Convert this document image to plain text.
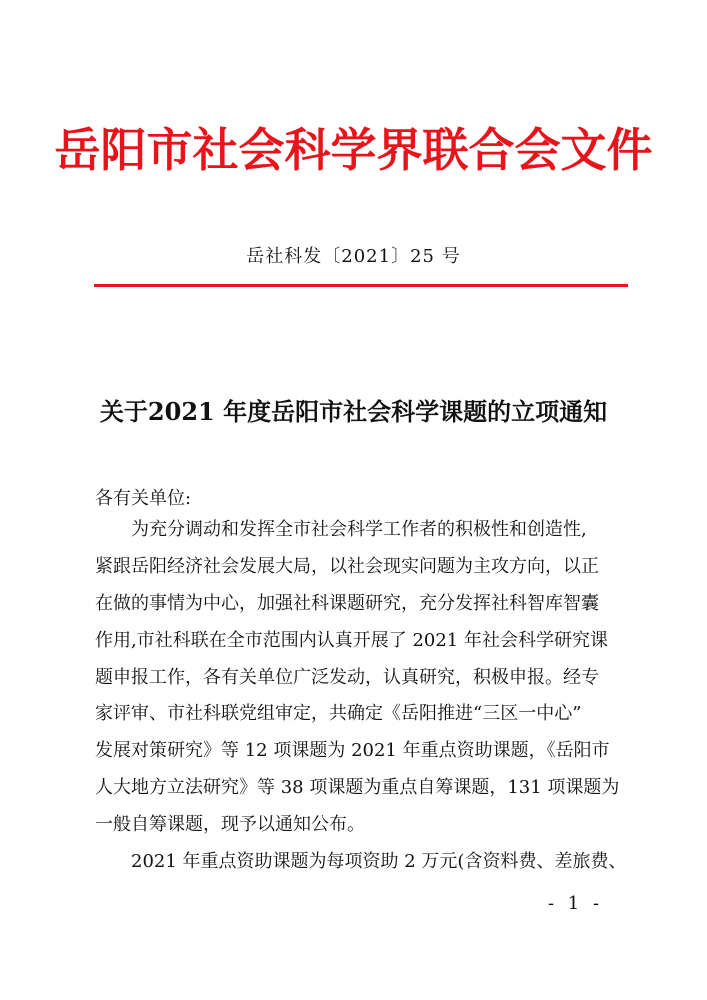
岳阳市社会科学界联合会文件
岳社科发〔2021〕25 号
关于2021 年度岳阳市社会科学课题的立项通知
各有关单位:
为充分调动和发挥全市社会科学工作者的积极性和创造性,
紧跟岳阳经济社会发展大局，以社会现实问题为主攻方向，以正
在做的事情为中心，加强社科课题研究，充分发挥社科智库智囊
作用,市社科联在全市范围内认真开展了 2021 年社会科学研究课
题申报工作，各有关单位广泛发动，认真研究，积极申报。经专
家评审、市社科联党组审定，共确定《岳阳推进“三区一中心”
发展对策研究》等 12 项课题为 2021 年重点资助课题，《岳阳市
人大地方立法研究》等 38 项课题为重点自筹课题，131 项课题为
一般自筹课题，现予以通知公布。
2021 年重点资助课题为每项资助 2 万元(含资料费、差旅费、
- 1 -
